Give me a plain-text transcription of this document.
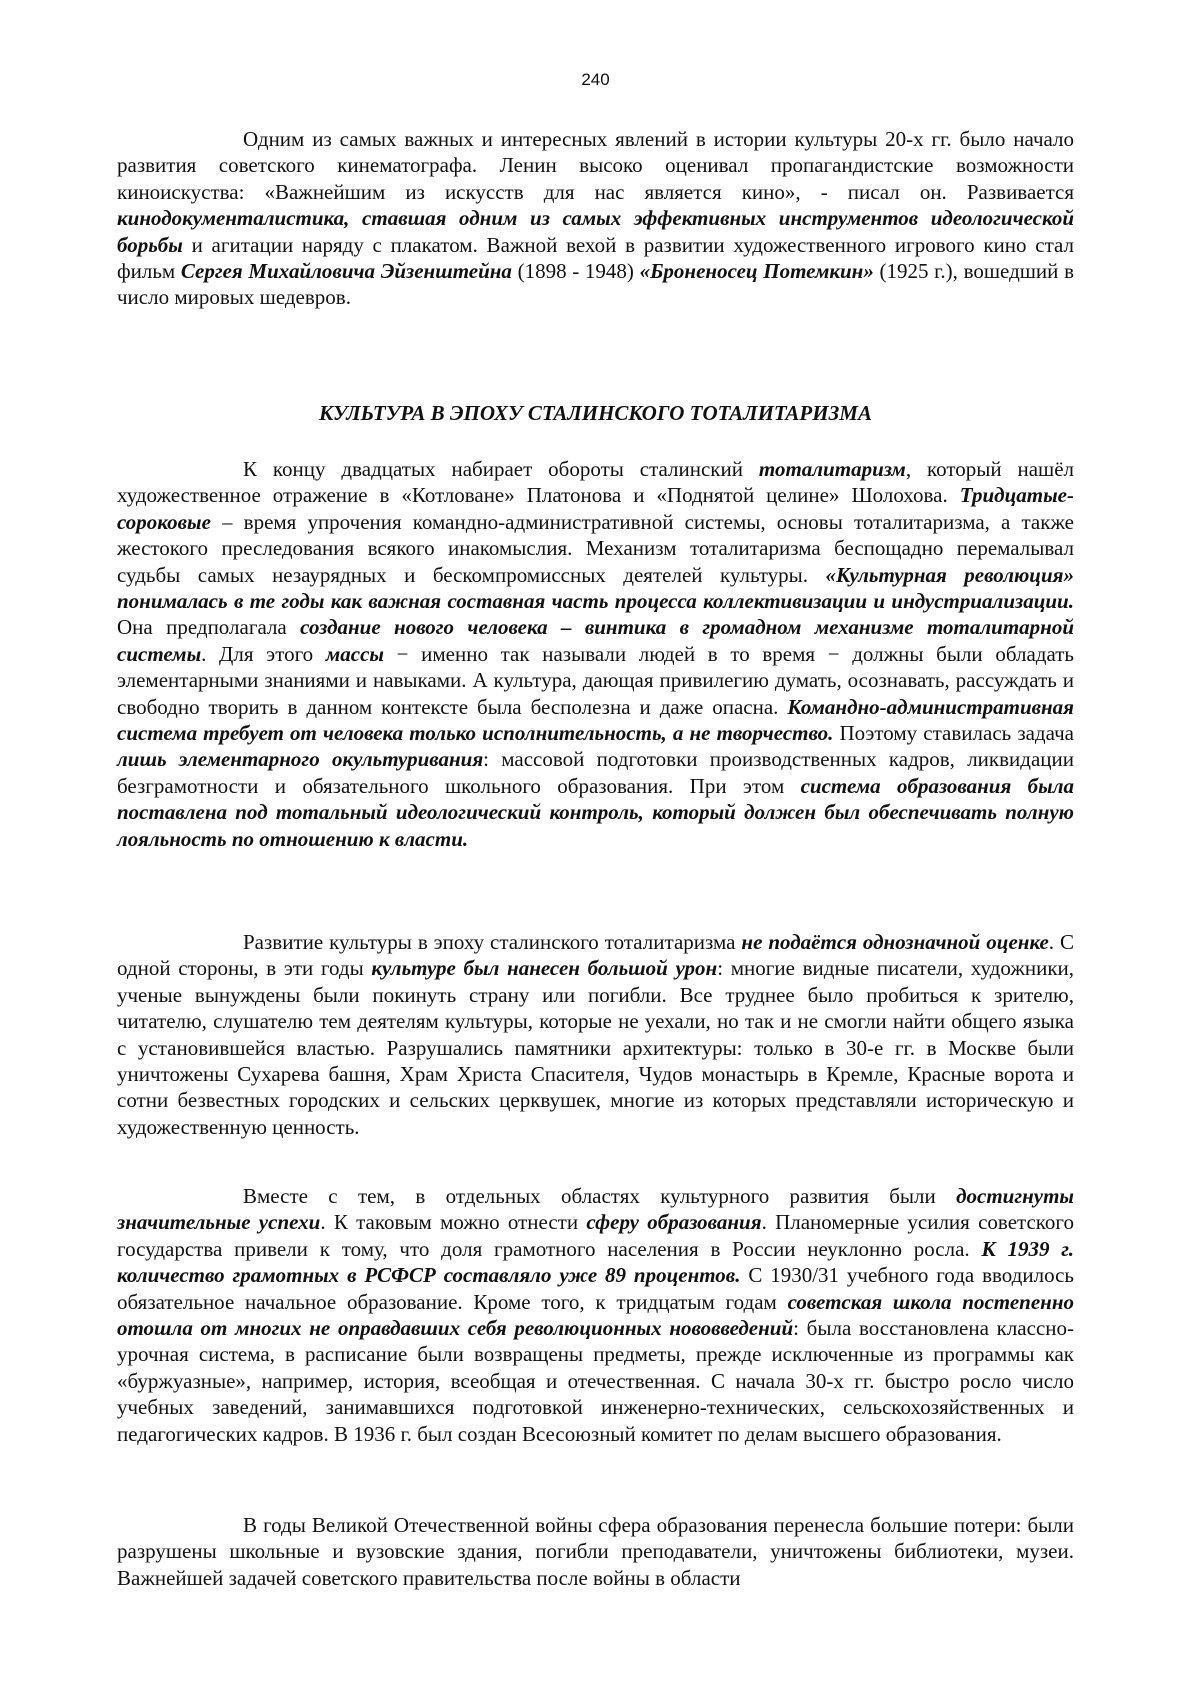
240

Одним из самых важных и интересных явлений в истории культуры 20-х гг. было начало развития советского кинематографа. Ленин высоко оценивал пропагандистские возможности киноискуства: «Важнейшим из искусств для нас является кино», - писал он. Развивается кинодокументалистика, ставшая одним из самых эффективных инструментов идеологической борьбы и агитации наряду с плакатом. Важной вехой в развитии художественного игрового кино стал фильм Сергея Михайловича Эйзенштейна (1898 - 1948) «Броненосец Потемкин» (1925 г.), вошедший в число мировых шедевров.

КУЛЬТУРА В ЭПОХУ СТАЛИНСКОГО ТОТАЛИТАРИЗМА

К концу двадцатых набирает обороты сталинский тоталитаризм, который нашёл художественное отражение в «Котловане» Платонова и «Поднятой целине» Шолохова. Тридцатые-сороковые – время упрочения командно-административной системы, основы тоталитаризма, а также жестокого преследования всякого инакомыслия. Механизм тоталитаризма беспощадно перемалывал судьбы самых незаурядных и бескомпромиссных деятелей культуры. «Культурная революция» понималась в те годы как важная составная часть процесса коллективизации и индустриализации. Она предполагала создание нового человека – винтика в громадном механизме тоталитарной системы. Для этого массы − именно так называли людей в то время − должны были обладать элементарными знаниями и навыками. А культура, дающая привилегию думать, осознавать, рассуждать и свободно творить в данном контексте была бесполезна и даже опасна. Командно-административная система требует от человека только исполнительность, а не творчество. Поэтому ставилась задача лишь элементарного окультуривания: массовой подготовки производственных кадров, ликвидации безграмотности и обязательного школьного образования. При этом система образования была поставлена под тотальный идеологический контроль, который должен был обеспечивать полную лояльность по отношению к власти.

Развитие культуры в эпоху сталинского тоталитаризма не подаётся однозначной оценке. С одной стороны, в эти годы культуре был нанесен большой урон: многие видные писатели, художники, ученые вынуждены были покинуть страну или погибли. Все труднее было пробиться к зрителю, читателю, слушателю тем деятелям культуры, которые не уехали, но так и не смогли найти общего языка с установившейся властью. Разрушались памятники архитектуры: только в 30-е гг. в Москве были уничтожены Сухарева башня, Храм Христа Спасителя, Чудов монастырь в Кремле, Красные ворота и сотни безвестных городских и сельских церквушек, многие из которых представляли историческую и художественную ценность.

Вместе с тем, в отдельных областях культурного развития были достигнуты значительные успехи. К таковым можно отнести сферу образования. Планомерные усилия советского государства привели к тому, что доля грамотного населения в России неуклонно росла. К 1939 г. количество грамотных в РСФСР составляло уже 89 процентов. С 1930/31 учебного года вводилось обязательное начальное образование. Кроме того, к тридцатым годам советская школа постепенно отошла от многих не оправдавших себя революционных нововведений: была восстановлена классно-урочная система, в расписание были возвращены предметы, прежде исключенные из программы как «буржуазные», например, история, всеобщая и отечественная. С начала 30-х гг. быстро росло число учебных заведений, занимавшихся подготовкой инженерно-технических, сельскохозяйственных и педагогических кадров. В 1936 г. был создан Всесоюзный комитет по делам высшего образования.

В годы Великой Отечественной войны сфера образования перенесла большие потери: были разрушены школьные и вузовские здания, погибли преподаватели, уничтожены библиотеки, музеи. Важнейшей задачей советского правительства после войны в области
